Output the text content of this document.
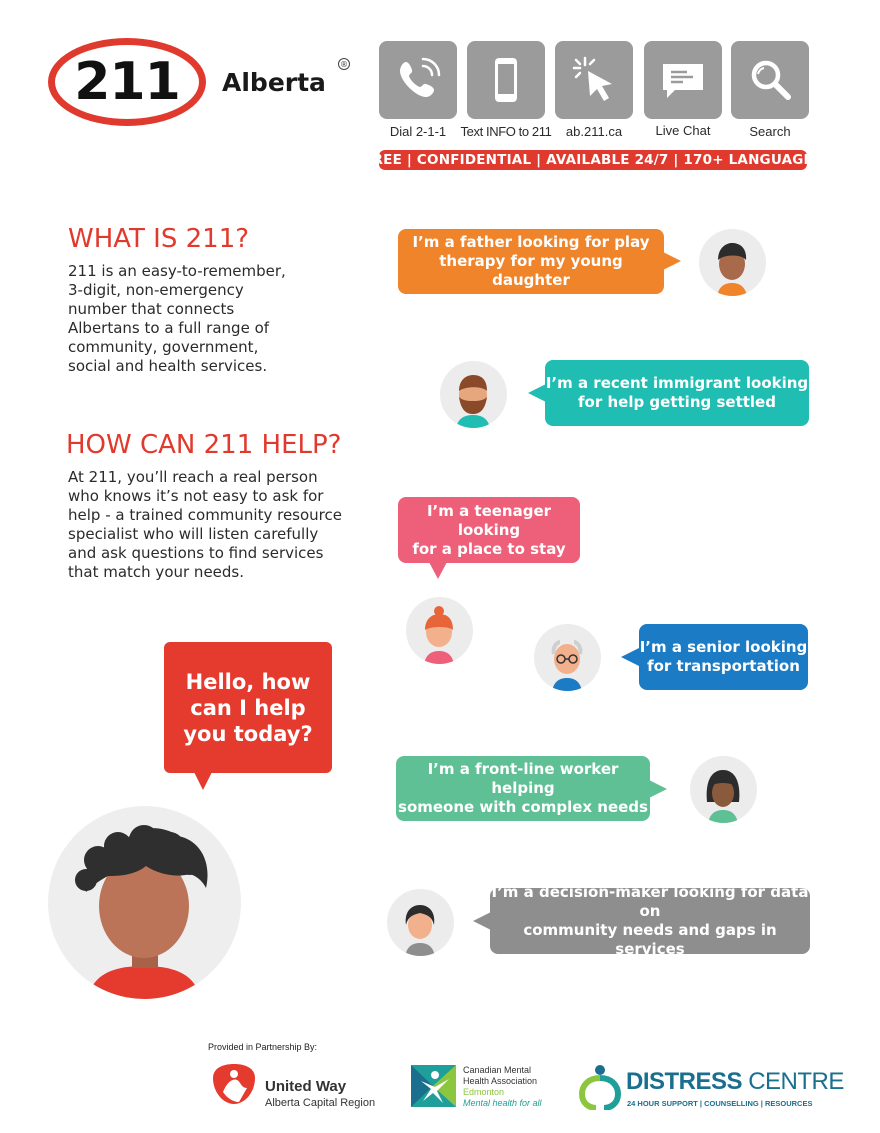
211 Alberta
®
Dial 2-1-1	Text INFO to 211	ab.211.ca	Live Chat	Search
FREE | CONFIDENTIAL | AVAILABLE 24/7 | 170+ LANGUAGES
WHAT IS 211?
211 is an easy-to-remember,
3-digit, non-emergency
number that connects
Albertans to a full range of
community, government,
social and health services.
HOW CAN 211 HELP?
At 211, you’ll reach a real person
who knows it’s not easy to ask for
help - a trained community resource
specialist who will listen carefully
and ask questions to find services
that match your needs.
Hello, how
can I help
you today?
I’m a father looking for play
therapy for my young daughter
I’m a recent immigrant looking
for help getting settled
I’m a teenager looking
for a place to stay
I’m a senior looking
for transportation
I’m a front-line worker helping
someone with complex needs
I’m a decision-maker looking for data on
community needs and gaps in services
Provided in Partnership By:
United Way
Alberta Capital Region
Canadian Mental
Health Association
Edmonton
Mental health for all
DISTRESS CENTRE
24 HOUR SUPPORT | COUNSELLING | RESOURCES
